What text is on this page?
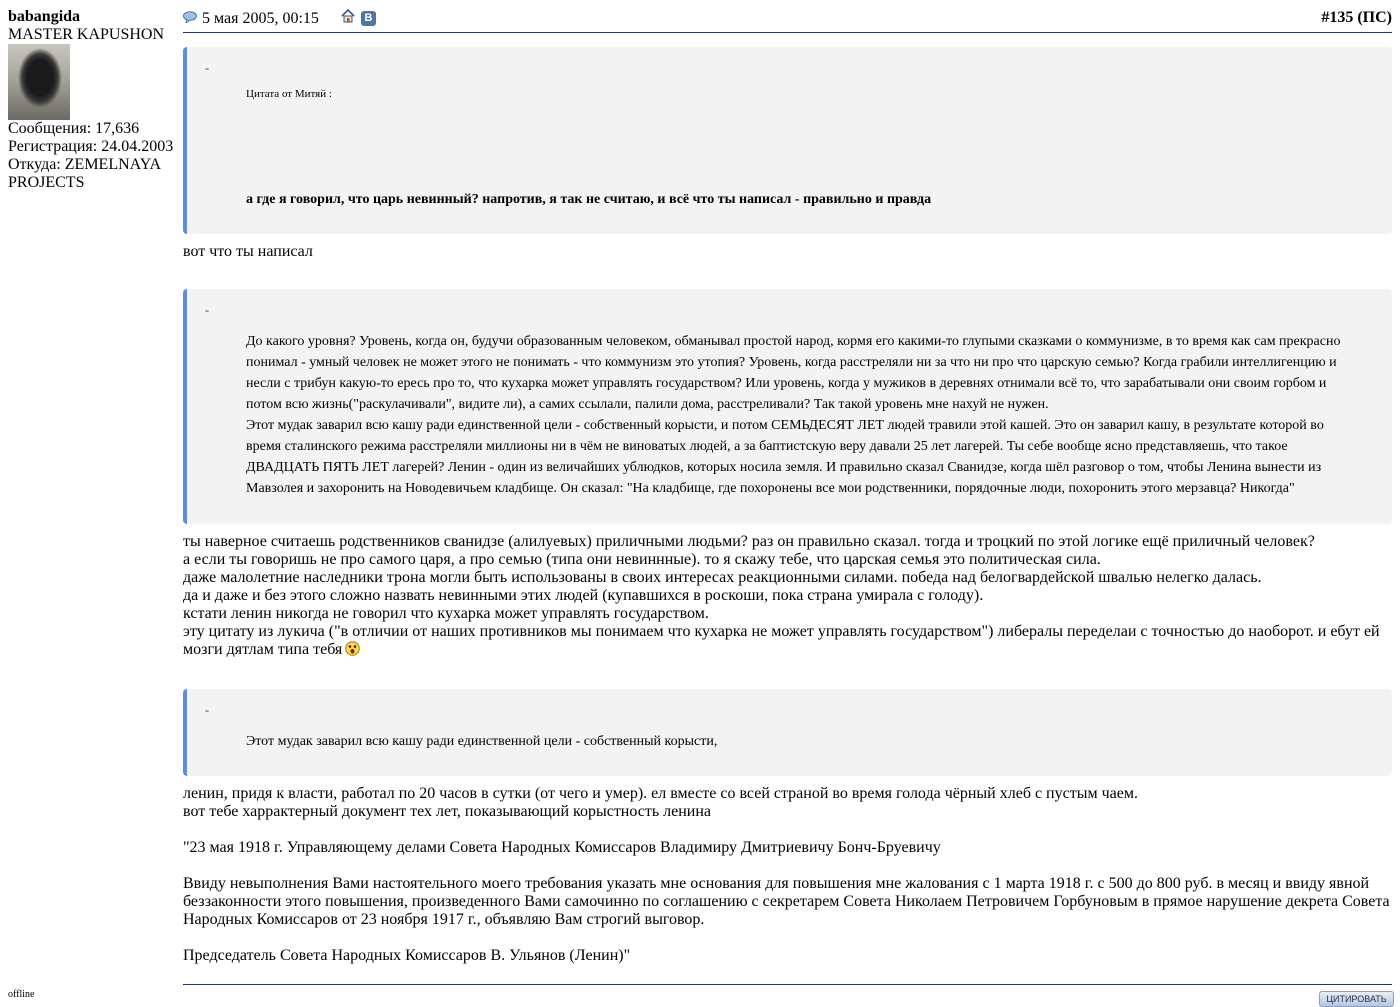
babangida
MASTER KAPUSHON
Сообщения: 17,636
Регистрация: 24.04.2003
Откуда: ZEMELNAYA
PROJECTS
offline
5 мая 2005, 00:15	В	#135 (ПС)
-
Цитата от Митяй :
а где я говорил, что царь невинный? напротив, я так не считаю, и всё что ты написал - правильно и правда
вот что ты написал
-
До какого уровня? Уровень, когда он, будучи образованным человеком, обманывал простой народ, кормя его какими-то глупыми сказками о коммунизме, в то время как сам прекрасно понимал - умный человек не может этого не понимать - что коммунизм это утопия? Уровень, когда расстреляли ни за что ни про что царскую семью? Когда грабили интеллигенцию и несли с трибун какую-то ересь про то, что кухарка может управлять государством? Или уровень, когда у мужиков в деревнях отнимали всё то, что зарабатывали они своим горбом и потом всю жизнь("раскулачивали", видите ли), а самих ссылали, палили дома, расстреливали? Так такой уровень мне нахуй не нужен.
Этот мудак заварил всю кашу ради единственной цели - собственный корысти, и потом СЕМЬДЕСЯТ ЛЕТ людей травили этой кашей. Это он заварил кашу, в результате которой во время сталинского режима расстреляли миллионы ни в чём не виноватых людей, а за баптистскую веру давали 25 лет лагерей. Ты себе вообще ясно представляешь, что такое ДВАДЦАТЬ ПЯТЬ ЛЕТ лагерей? Ленин - один из величайших ублюдков, которых носила земля. И правильно сказал Сванидзе, когда шёл разговор о том, чтобы Ленина вынести из Мавзолея и захоронить на Новодевичьем кладбище. Он сказал: "На кладбище, где похоронены все мои родственники, порядочные люди, похоронить этого мерзавца? Никогда"
ты наверное считаешь родственников сванидзе (алилуевых) приличными людьми? раз он правильно сказал. тогда и троцкий по этой логике ещё приличный человек?
а если ты говоришь не про самого царя, а про семью (типа они невиннные). то я скажу тебе, что царская семья это политическая сила.
даже малолетние наследники трона могли быть использованы в своих интересах реакционными силами. победа над белогвардейской швалью нелегко далась.
да и даже и без этого сложно назвать невинными этих людей (купавшихся в роскоши, пока страна умирала с голоду).
кстати ленин никогда не говорил что кухарка может управлять государством.
эту цитату из лукича ("в отличии от наших противников мы понимаем что кухарка не может управлять государством") либералы переделаи с точностью до наоборот. и ебут ей мозги дятлам типа тебя
-
Этот мудак заварил всю кашу ради единственной цели - собственный корысти,
ленин, придя к власти, работал по 20 часов в сутки (от чего и умер). ел вместе со всей страной во время голода чёрный хлеб с пустым чаем.
вот тебе харрактерный документ тех лет, показывающий корыстность ленина
"23 мая 1918 г. Управляющему делами Совета Народных Комиссаров Владимиру Дмитриевичу Бонч-Бруевичу
Ввиду невыполнения Вами настоятельного моего требования указать мне основания для повышения мне жалования с 1 марта 1918 г. с 500 до 800 руб. в месяц и ввиду явной беззаконности этого повышения, произведенного Вами самочинно по соглашению с секретарем Совета Николаем Петровичем Горбуновым в прямое нарушение декрета Совета Народных Комиссаров от 23 ноября 1917 г., объявляю Вам строгий выговор.
Председатель Совета Народных Комиссаров В. Ульянов (Ленин)"
ЦИТИРОВАТЬ
